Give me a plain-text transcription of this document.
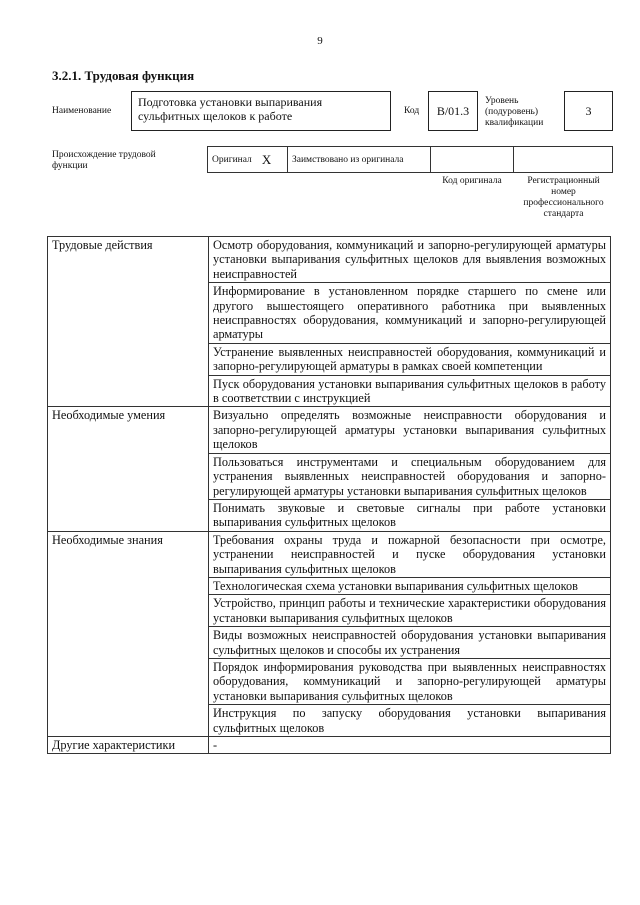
9
3.2.1. Трудовая функция
Наименование
Подготовка установки выпаривания сульфитных щелоков к работе	Код	В/01.3
Уровень (подуровень) квалификации
3
Происхождение трудовой функции
Оригинал X Заимствовано из оригинала
Код оригинала	Регистрационный номер профессионального стандарта
Трудовые действия	Осмотр оборудования, коммуникаций и запорно-регулирующей арматуры установки выпаривания сульфитных щелоков для выявления возможных неисправностей
	Информирование в установленном порядке старшего по смене или другого вышестоящего оперативного работника при выявленных неисправностях оборудования, коммуникаций и запорно-регулирующей арматуры
	Устранение выявленных неисправностей оборудования, коммуникаций и запорно-регулирующей арматуры в рамках своей компетенции
	Пуск оборудования установки выпаривания сульфитных щелоков в работу в соответствии с инструкцией
Необходимые умения	Визуально определять возможные неисправности оборудования и запорно-регулирующей арматуры установки выпаривания сульфитных щелоков
	Пользоваться инструментами и специальным оборудованием для устранения выявленных неисправностей оборудования и запорно-регулирующей арматуры установки выпаривания сульфитных щелоков
	Понимать звуковые и световые сигналы при работе установки выпаривания сульфитных щелоков
Необходимые знания	Требования охраны труда и пожарной безопасности при осмотре, устранении неисправностей и пуске оборудования установки выпаривания сульфитных щелоков
	Технологическая схема установки выпаривания сульфитных щелоков
	Устройство, принцип работы и технические характеристики оборудования установки выпаривания сульфитных щелоков
	Виды возможных неисправностей оборудования установки выпаривания сульфитных щелоков и способы их устранения
	Порядок информирования руководства при выявленных неисправностях оборудования, коммуникаций и запорно-регулирующей арматуры установки выпаривания сульфитных щелоков
	Инструкция по запуску оборудования установки выпаривания сульфитных щелоков
Другие характеристики	-
